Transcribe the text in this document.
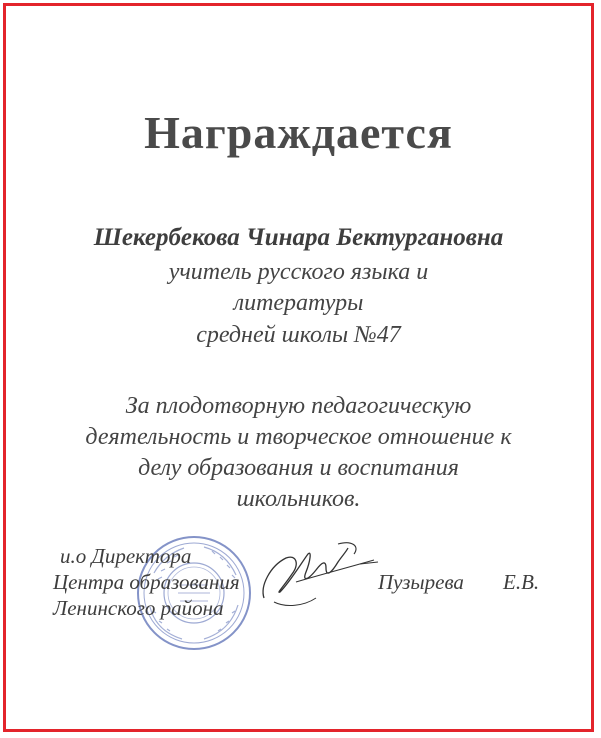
Награждается
Шекербекова Чинара Бектургановна
учитель русского языка и
литературы
средней школы №47
За плодотворную педагогическую
деятельность и творческое отношение к
делу образования и воспитания
школьников.
и.о Директора
Центра образования
Ленинского района
Пузырева Е.В.
